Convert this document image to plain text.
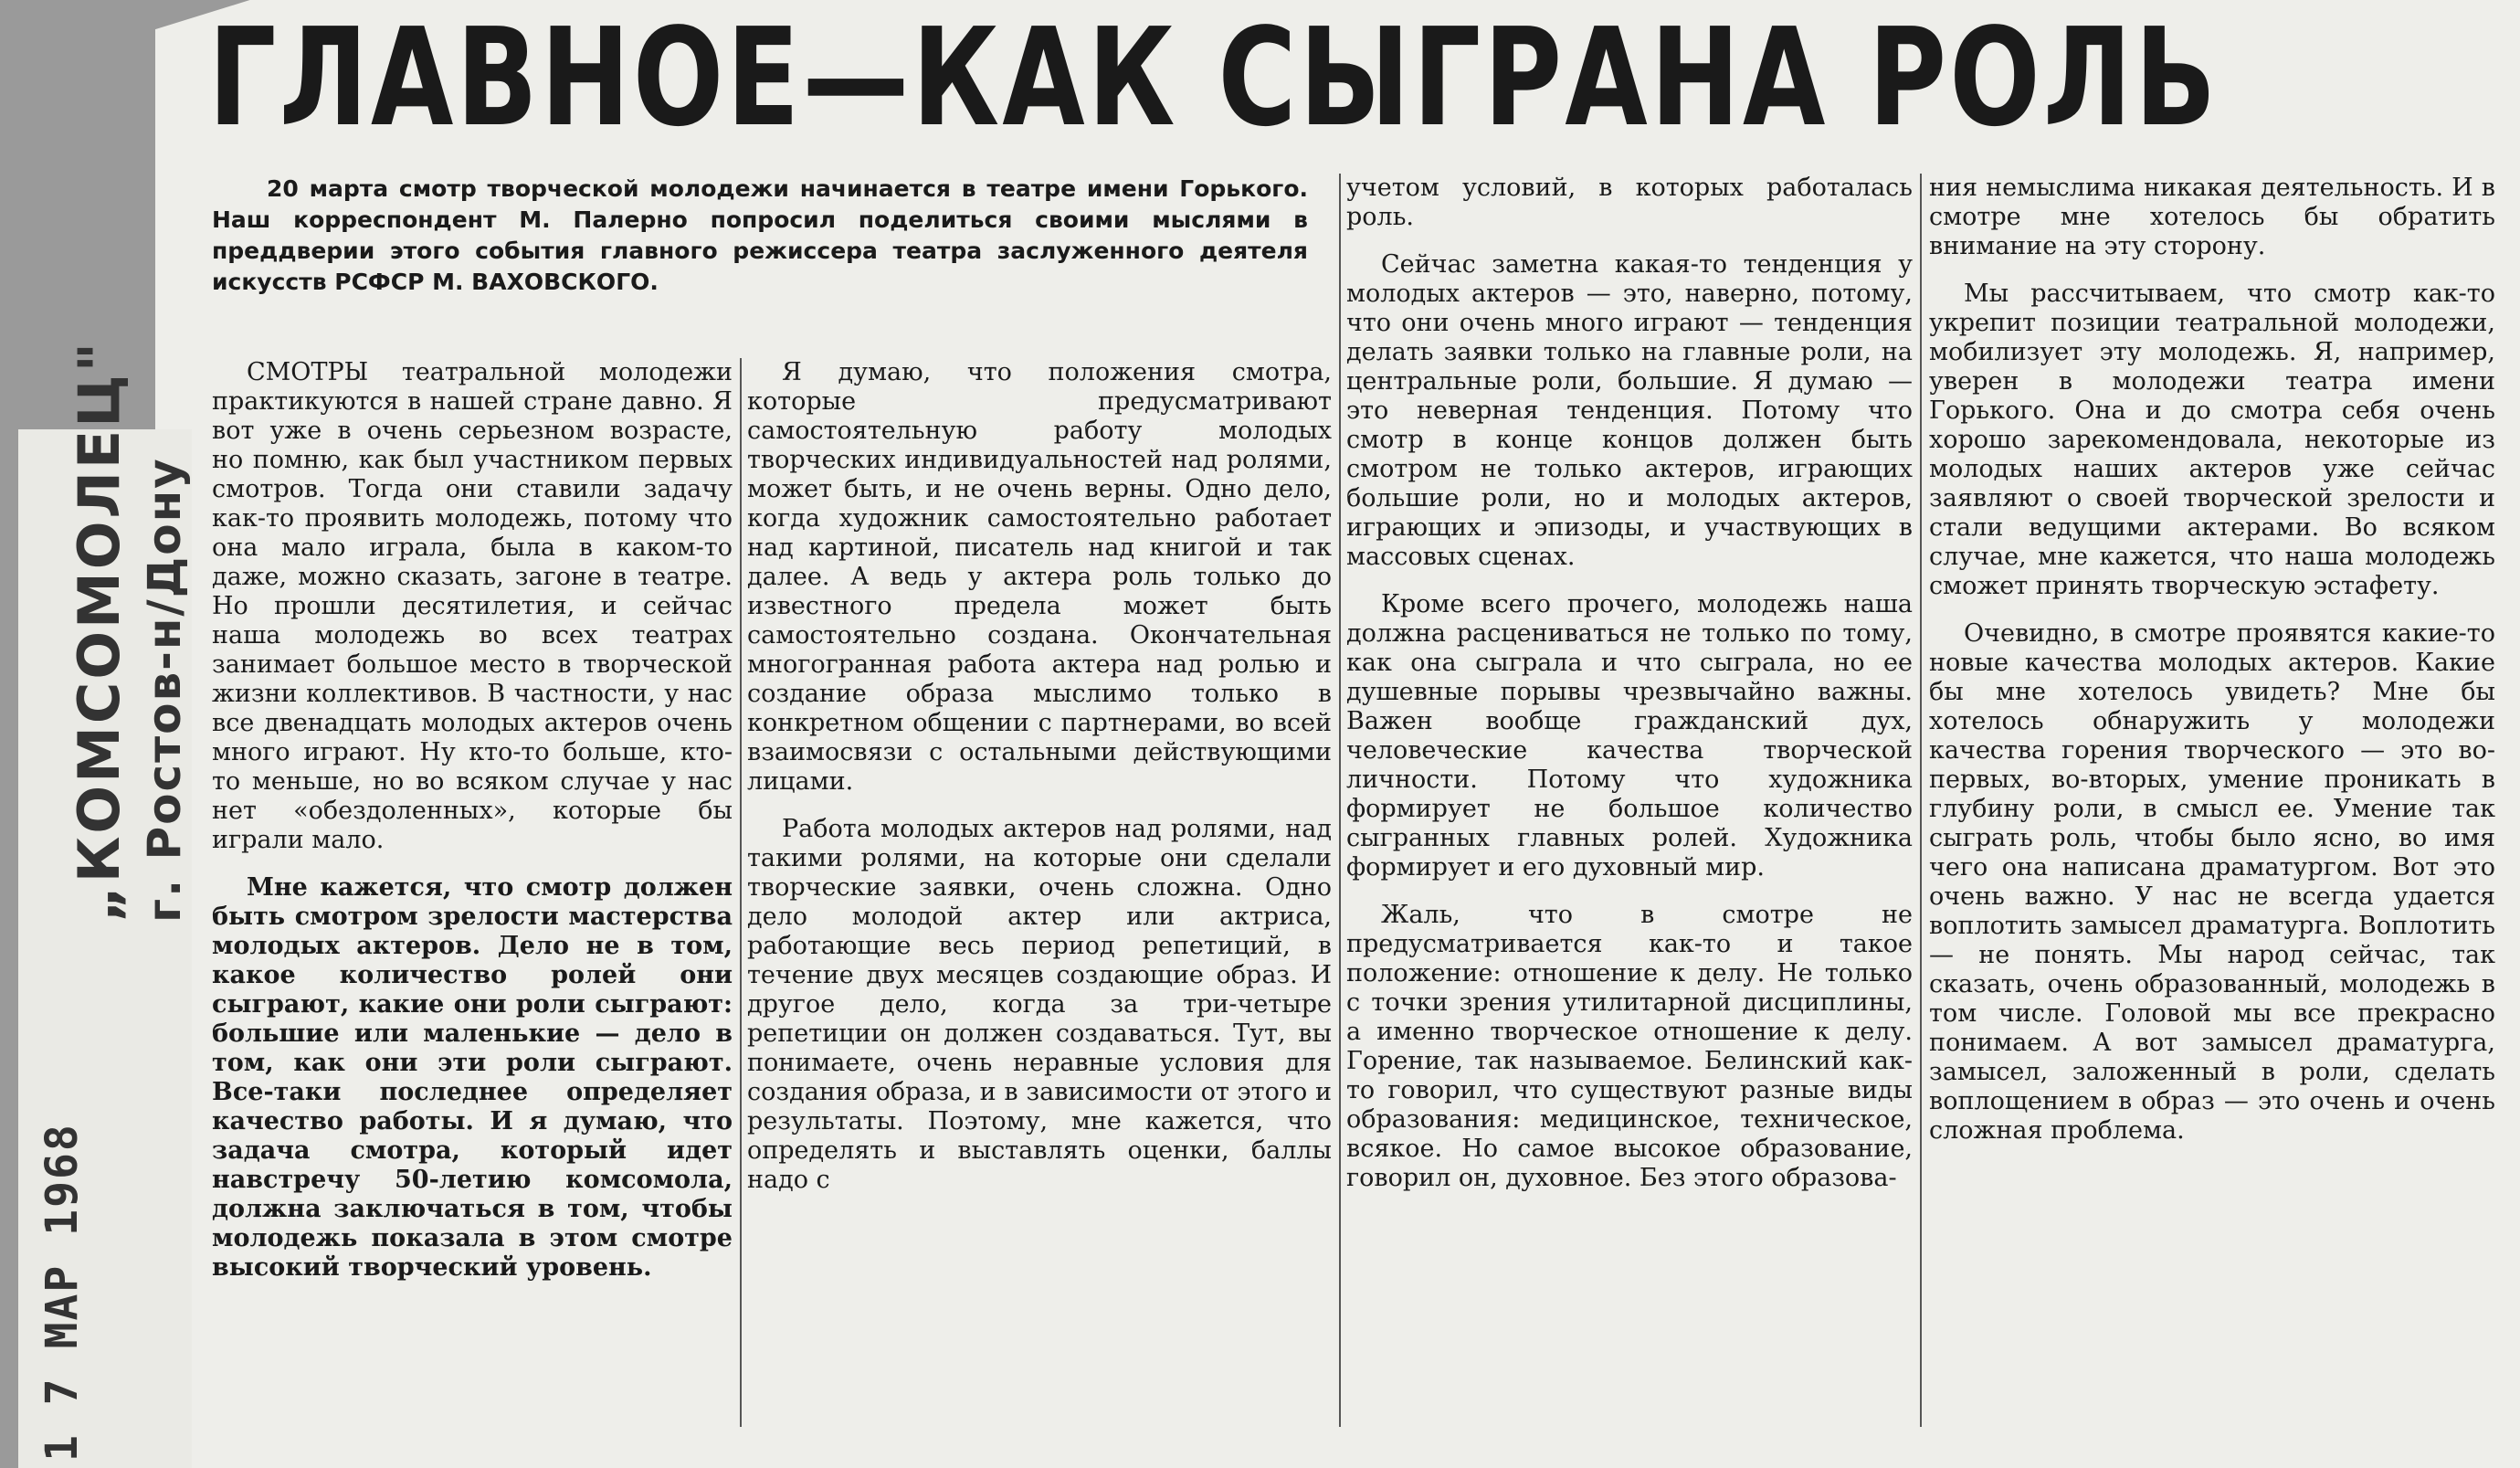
„КОМСОМОЛЕЦ" г. Ростов-н/Дону
1 7 МАР 1968
ГЛАВНОЕ—КАК СЫГРАНА РОЛЬ
20 марта смотр творческой молодежи начинается в театре имени Горького. Наш корреспондент М. Палерно попросил поделиться своими мыслями в преддверии этого события главного режиссера театра заслуженного деятеля искусств РСФСР М. ВАХОВСКОГО.

СМОТРЫ театральной молодежи практикуются в нашей стране давно. Я вот уже в очень серьезном возрасте, но помню, как был участником первых смотров. Тогда они ставили задачу как-то проявить молодежь, потому что она мало играла, была в каком-то даже, можно сказать, загоне в театре. Но прошли десятилетия, и сейчас наша молодежь во всех театрах занимает большое место в творческой жизни коллективов. В частности, у нас все двенадцать молодых актеров очень много играют. Ну кто-то больше, кто-то меньше, но во всяком случае у нас нет «обездоленных», которые бы играли мало.

Мне кажется, что смотр должен быть смотром зрелости мастерства молодых актеров. Дело не в том, какое количество ролей они сыграют, какие они роли сыграют: большие или маленькие — дело в том, как они эти роли сыграют. Все-таки последнее определяет качество работы. И я думаю, что задача смотра, который идет навстречу 50-летию комсомола, должна заключаться в том, чтобы молодежь показала в этом смотре высокий творческий уровень.

Я думаю, что положения смотра, которые предусматривают самостоятельную работу молодых творческих индивидуальностей над ролями, может быть, и не очень верны. Одно дело, когда художник самостоятельно работает над картиной, писатель над книгой и так далее. А ведь у актера роль только до известного предела может быть самостоятельно создана. Окончательная многогранная работа актера над ролью и создание образа мыслимо только в конкретном общении с партнерами, во всей взаимосвязи с остальными действующими лицами.

Работа молодых актеров над ролями, над такими ролями, на которые они сделали творческие заявки, очень сложна. Одно дело молодой актер или актриса, работающие весь период репетиций, в течение двух месяцев создающие образ. И другое дело, когда за три-четыре репетиции он должен создаваться. Тут, вы понимаете, очень неравные условия для создания образа, и в зависимости от этого и результаты. Поэтому, мне кажется, что определять и выставлять оценки, баллы надо с

учетом условий, в которых работалась роль.

Сейчас заметна какая-то тенденция у молодых актеров — это, наверно, потому, что они очень много играют — тенденция делать заявки только на главные роли, на центральные роли, большие. Я думаю — это неверная тенденция. Потому что смотр в конце концов должен быть смотром не только актеров, играющих большие роли, но и молодых актеров, играющих и эпизоды, и участвующих в массовых сценах.

Кроме всего прочего, молодежь наша должна расцениваться не только по тому, как она сыграла и что сыграла, но ее душевные порывы чрезвычайно важны. Важен вообще гражданский дух, человеческие качества творческой личности. Потому что художника формирует не большое количество сыгранных главных ролей. Художника формирует и его духовный мир.

Жаль, что в смотре не предусматривается как-то и такое положение: отношение к делу. Не только с точки зрения утилитарной дисциплины, а именно творческое отношение к делу. Горение, так называемое. Белинский как-то говорил, что существуют разные виды образования: медицинское, техническое, всякое. Но самое высокое образование, говорил он, духовное. Без этого образова-

ния немыслима никакая деятельность. И в смотре мне хотелось бы обратить внимание на эту сторону.

Мы рассчитываем, что смотр как-то укрепит позиции театральной молодежи, мобилизует эту молодежь. Я, например, уверен в молодежи театра имени Горького. Она и до смотра себя очень хорошо зарекомендовала, некоторые из молодых наших актеров уже сейчас заявляют о своей творческой зрелости и стали ведущими актерами. Во всяком случае, мне кажется, что наша молодежь сможет принять творческую эстафету.

Очевидно, в смотре проявятся какие-то новые качества молодых актеров. Какие бы мне хотелось увидеть? Мне бы хотелось обнаружить у молодежи качества горения творческого — это во-первых, во-вторых, умение проникать в глубину роли, в смысл ее. Умение так сыграть роль, чтобы было ясно, во имя чего она написана драматургом. Вот это очень важно. У нас не всегда удается воплотить замысел драматурга. Воплотить — не понять. Мы народ сейчас, так сказать, очень образованный, молодежь в том числе. Головой мы все прекрасно понимаем. А вот замысел драматурга, замысел, заложенный в роли, сделать воплощением в образ — это очень и очень сложная проблема.
